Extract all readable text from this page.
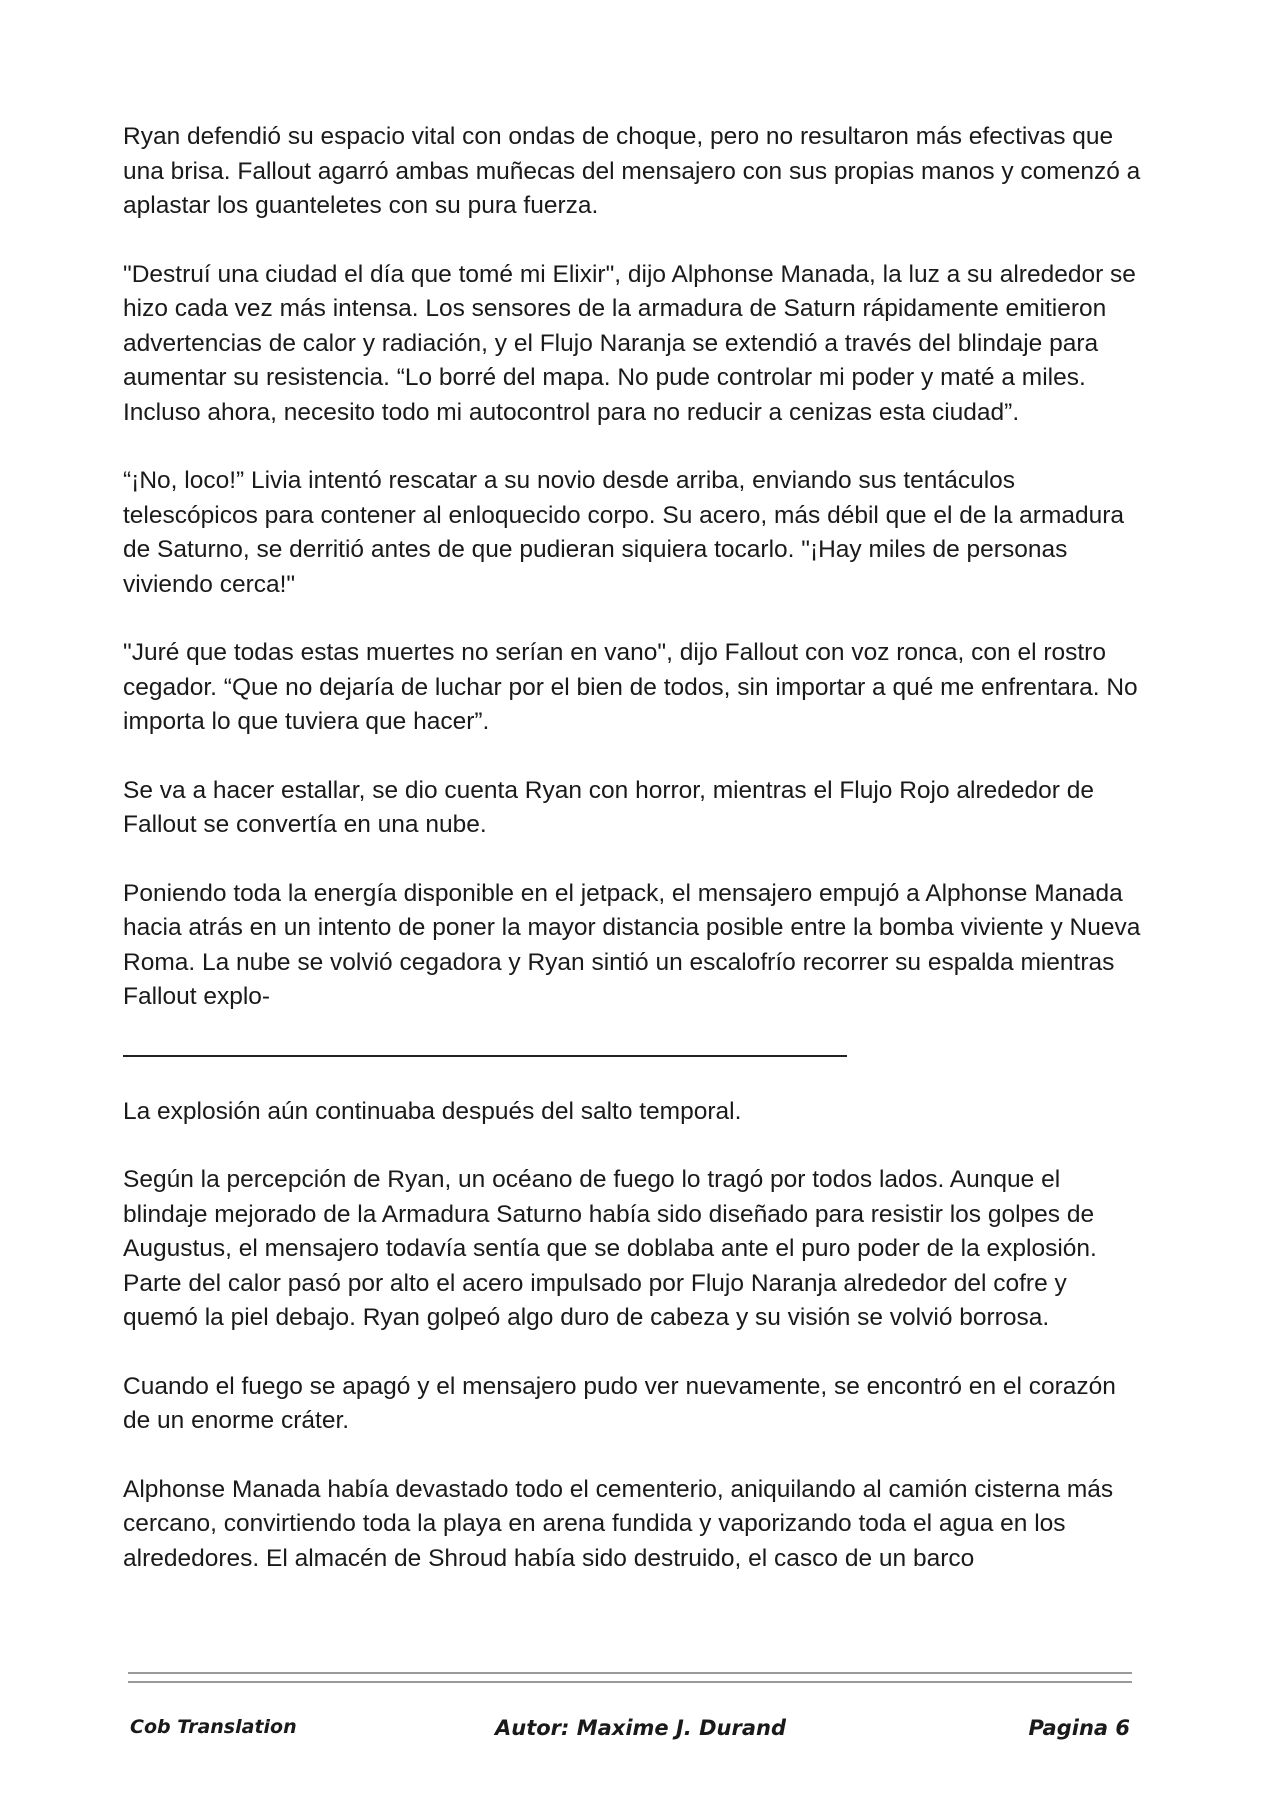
Ryan defendió su espacio vital con ondas de choque, pero no resultaron más efectivas que una brisa. Fallout agarró ambas muñecas del mensajero con sus propias manos y comenzó a aplastar los guanteletes con su pura fuerza.

"Destruí una ciudad el día que tomé mi Elixir", dijo Alphonse Manada, la luz a su alrededor se hizo cada vez más intensa. Los sensores de la armadura de Saturn rápidamente emitieron advertencias de calor y radiación, y el Flujo Naranja se extendió a través del blindaje para aumentar su resistencia. “Lo borré del mapa. No pude controlar mi poder y maté a miles. Incluso ahora, necesito todo mi autocontrol para no reducir a cenizas esta ciudad”.

“¡No, loco!” Livia intentó rescatar a su novio desde arriba, enviando sus tentáculos telescópicos para contener al enloquecido corpo. Su acero, más débil que el de la armadura de Saturno, se derritió antes de que pudieran siquiera tocarlo. "¡Hay miles de personas viviendo cerca!"

"Juré que todas estas muertes no serían en vano", dijo Fallout con voz ronca, con el rostro cegador. “Que no dejaría de luchar por el bien de todos, sin importar a qué me enfrentara. No importa lo que tuviera que hacer”.

Se va a hacer estallar, se dio cuenta Ryan con horror, mientras el Flujo Rojo alrededor de Fallout se convertía en una nube.

Poniendo toda la energía disponible en el jetpack, el mensajero empujó a Alphonse Manada hacia atrás en un intento de poner la mayor distancia posible entre la bomba viviente y Nueva Roma. La nube se volvió cegadora y Ryan sintió un escalofrío recorrer su espalda mientras Fallout explo-

La explosión aún continuaba después del salto temporal.

Según la percepción de Ryan, un océano de fuego lo tragó por todos lados. Aunque el blindaje mejorado de la Armadura Saturno había sido diseñado para resistir los golpes de Augustus, el mensajero todavía sentía que se doblaba ante el puro poder de la explosión. Parte del calor pasó por alto el acero impulsado por Flujo Naranja alrededor del cofre y quemó la piel debajo. Ryan golpeó algo duro de cabeza y su visión se volvió borrosa.

Cuando el fuego se apagó y el mensajero pudo ver nuevamente, se encontró en el corazón de un enorme cráter.

Alphonse Manada había devastado todo el cementerio, aniquilando al camión cisterna más cercano, convirtiendo toda la playa en arena fundida y vaporizando toda el agua en los alrededores. El almacén de Shroud había sido destruido, el casco de un barco

Cob Translation	Autor: Maxime J. Durand	Pagina 6
